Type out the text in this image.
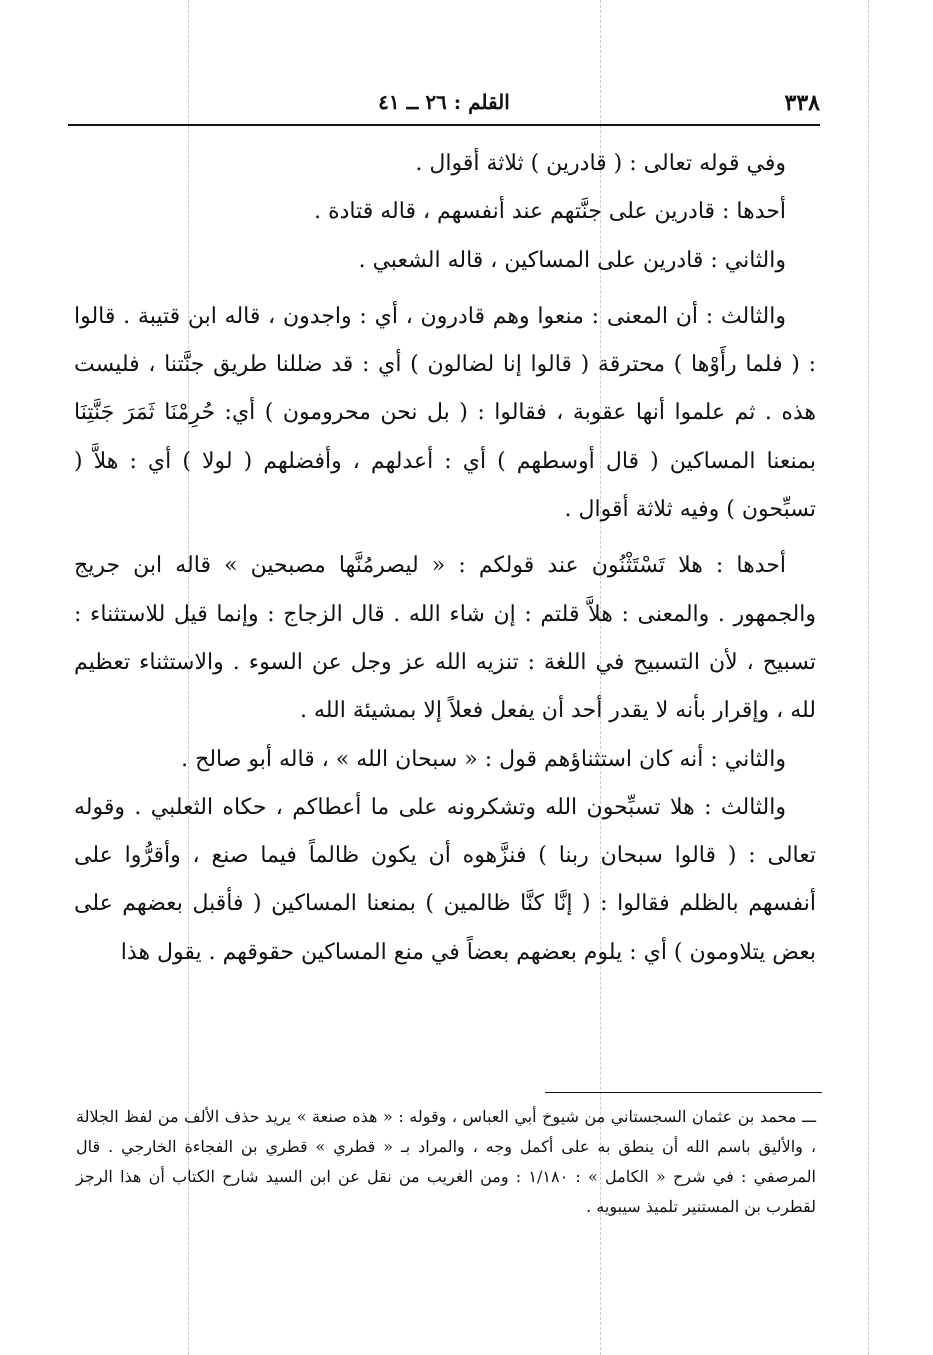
٣٣٨
القلم : ٢٦ ــ ٤١

وفي قوله تعالى : ( قادرين ) ثلاثة أقوال .

أحدها : قادرين على جنَّتهم عند أنفسهم ، قاله قتادة .

والثاني : قادرين على المساكين ، قاله الشعبي .

والثالث : أن المعنى : منعوا وهم قادرون ، أي : واجدون ، قاله ابن قتيبة . قالوا : ( فلما رأَوْها ) محترقة ( قالوا إنا لضالون ) أي : قد ضللنا طريق جنَّتنا ، فليست هذه . ثم علموا أنها عقوبة ، فقالوا : ( بل نحن محرومون ) أي: حُرِمْنَا ثَمَرَ جَنَّتِنَا بمنعنا المساكين ( قال أوسطهم ) أي : أعدلهم ، وأفضلهم ( لولا ) أي : هلاَّ ( تسبِّحون ) وفيه ثلاثة أقوال .

أحدها : هلا تَسْتَثْنُون عند قولكم : « ليصرمُنَّها مصبحين » قاله ابن جريج والجمهور . والمعنى : هلاَّ قلتم : إن شاء الله . قال الزجاج : وإنما قيل للاستثناء : تسبيح ، لأن التسبيح في اللغة : تنزيه الله عز وجل عن السوء . والاستثناء تعظيم لله ، وإقرار بأنه لا يقدر أحد أن يفعل فعلاً إلا بمشيئة الله .

والثاني : أنه كان استثناؤهم قول : « سبحان الله » ، قاله أبو صالح .

والثالث : هلا تسبِّحون الله وتشكرونه على ما أعطاكم ، حكاه الثعلبي . وقوله تعالى : ( قالوا سبحان ربنا ) فنزَّهوه أن يكون ظالماً فيما صنع ، وأقرُّوا على أنفسهم بالظلم فقالوا : ( إنَّا كنَّا ظالمين ) بمنعنا المساكين ( فأقبل بعضهم على بعض يتلاومون ) أي : يلوم بعضهم بعضاً في منع المساكين حقوقهم . يقول هذا

ـــ محمد بن عثمان السجستاني من شيوخ أبي العباس ، وقوله : « هذه صنعة » يريد حذف الألف من لفظ الجلالة ، والأليق باسم الله أن ينطق به على أكمل وجه ، والمراد بـ « قطري » قطري بن الفجاءة الخارجي . قال المرصفي : في شرح « الكامل » : ١/١٨٠ : ومن الغريب من نقل عن ابن السيد شارح الكتاب أن هذا الرجز لقطرب بن المستنير تلميذ سيبويه .
